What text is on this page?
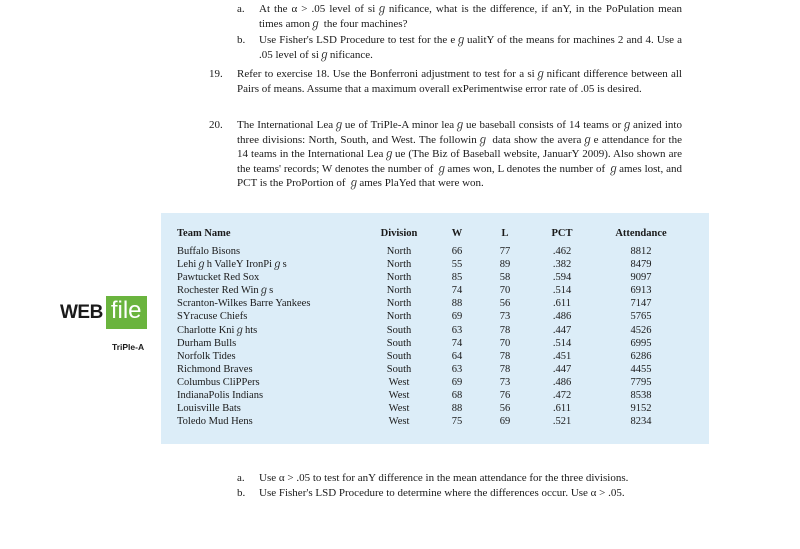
a. At the α > .05 level of siℊnificance, what is the difference, if anY, in the PoPulation mean times amonℊ the four machines?
b. Use Fisher's LSD Procedure to test for the eℊualitY of the means for machines 2 and 4. Use a .05 level of siℊnificance.
19. Refer to exercise 18. Use the Bonferroni adjustment to test for a siℊnificant difference between all Pairs of means. Assume that a maximum overall exPerimentwise error rate of .05 is desired.
20. The International Leaℊue of TriPle-A minor leaℊue baseball consists of 14 teams orℊanized into three divisions: North, South, and West. The followinℊ data show the averaℊe attendance for the 14 teams in the International Leaℊue (The Biz of Baseball website, JanuarY 2009). Also shown are the teams' records; W denotes the number of ℊames won, L denotes the number of ℊames lost, and PCT is the ProPortion of ℊames PlaYed that were won.
WEB file
TriPle-A
Team Name	Division	W	L	PCT	Attendance
Buffalo Bisons	North	66	77	.462	8812
Lehiℊh ValleY IronPiℊs	North	55	89	.382	8479
Pawtucket Red Sox	North	85	58	.594	9097
Rochester Red Winℊs	North	74	70	.514	6913
Scranton-Wilkes Barre Yankees	North	88	56	.611	7147
SYracuse Chiefs	North	69	73	.486	5765
Charlotte Kniℊhts	South	63	78	.447	4526
Durham Bulls	South	74	70	.514	6995
Norfolk Tides	South	64	78	.451	6286
Richmond Braves	South	63	78	.447	4455
Columbus CliPPers	West	69	73	.486	7795
IndianaPolis Indians	West	68	76	.472	8538
Louisville Bats	West	88	56	.611	9152
Toledo Mud Hens	West	75	69	.521	8234
a. Use α > .05 to test for anY difference in the mean attendance for the three divisions.
b. Use Fisher's LSD Procedure to determine where the differences occur. Use α > .05.
